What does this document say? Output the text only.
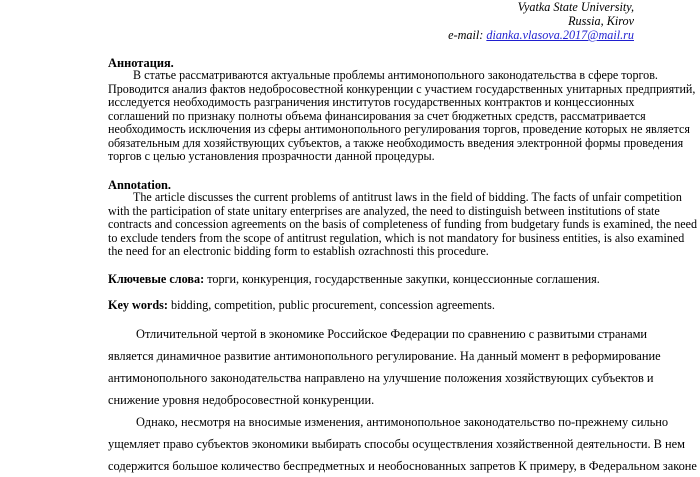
Vyatka State University,
Russia, Kirov
e-mail: dianka.vlasova.2017@mail.ru
Аннотация.
В статье рассматриваются актуальные проблемы антимонопольного законодательства в сфере торгов.
Проводится анализ фактов недобросовестной конкуренции с участием государственных унитарных предприятий,
исследуется необходимость разграничения институтов государственных контрактов и концессионных
соглашений по признаку полноты объема финансирования за счет бюджетных средств, рассматривается
необходимость исключения из сферы антимонопольного регулирования торгов, проведение которых не является
обязательным для хозяйствующих субъектов, а также необходимость введения электронной формы проведения
торгов с целью установления прозрачности данной процедуры.
Annotation.
The article discusses the current problems of antitrust laws in the field of bidding. The facts of unfair competition
with the participation of state unitary enterprises are analyzed, the need to distinguish between institutions of state
contracts and concession agreements on the basis of completeness of funding from budgetary funds is examined, the need
to exclude tenders from the scope of antitrust regulation, which is not mandatory for business entities, is also examined
the need for an electronic bidding form to establish ozrachnosti this procedure.
Ключевые слова: торги, конкуренция, государственные закупки, концессионные соглашения.
Key words: bidding, competition, public procurement, concession agreements.
Отличительной чертой в экономике Российское Федерации по сравнению с развитыми странами
является динамичное развитие антимонопольного регулирование. На данный момент в реформирование
антимонопольного законодательства направлено на улучшение положения хозяйствующих субъектов и
снижение уровня недобросовестной конкуренции.
Однако, несмотря на вносимые изменения, антимонопольное законодательство по-прежнему сильно
ущемляет право субъектов экономики выбирать способы осуществления хозяйственной деятельности. В нем
содержится большое количество беспредметных и необоснованных запретов К примеру, в Федеральном законе
